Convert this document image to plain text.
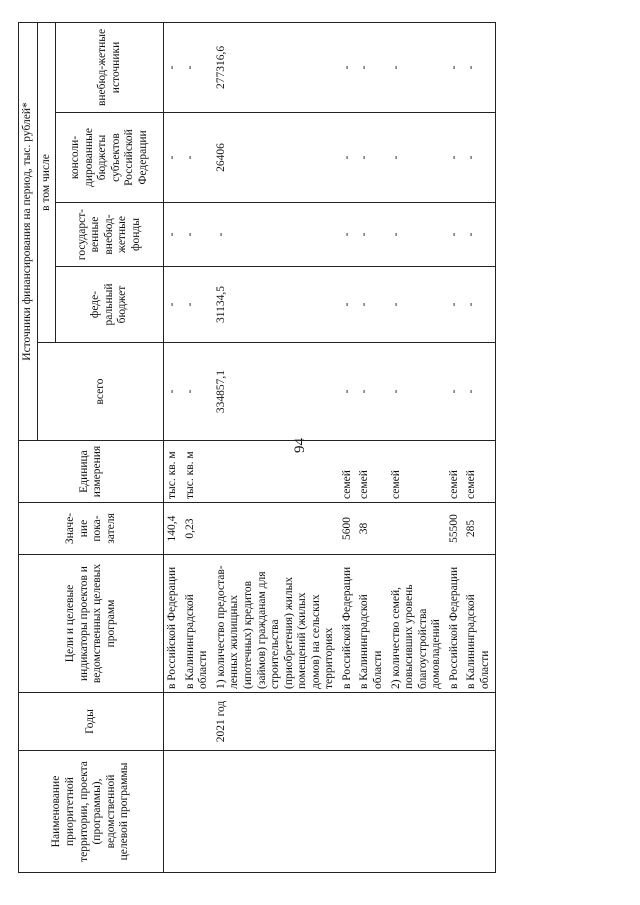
94
Наименование приоритетной территории, проекта (программы), ведомственной целевой программы	Годы	Цели и целевые индикаторы проектов и ведомственных целевых программ	Значе-ние пока-зателя	Единица измерения	Источники финансирования на период, тыс. рублей*				
					всего	в том числе			
						феде-ральный бюджет	государст-венные внебюд-жетные фонды	консоли-дированные бюджеты субъектов Российской Федерации	внебюд-жетные источники
		в Российской Федерации	140,4	тыс. кв. м	-	-	-	-	-
		в Калининградской области	0,23	тыс. кв. м	-	-	-	-	-
	2021 год	1) количество предостав-ленных жилищных (ипотечных) кредитов (займов) гражданам для строительства (приобретения) жилых помещений (жилых домов) на сельских территориях			334857,1	31134,5	-	26406	277316,6
		в Российской Федерации	5600	семей	-	-	-	-	-
		в Калининградской области	38	семей	-	-	-	-	-
		2) количество семей, повысивших уровень благоустройства домовладений		семей	-	-	-	-	-
		в Российской Федерации	55500	семей	-	-	-	-	-
		в Калининградской области	285	семей	-	-	-	-	-
